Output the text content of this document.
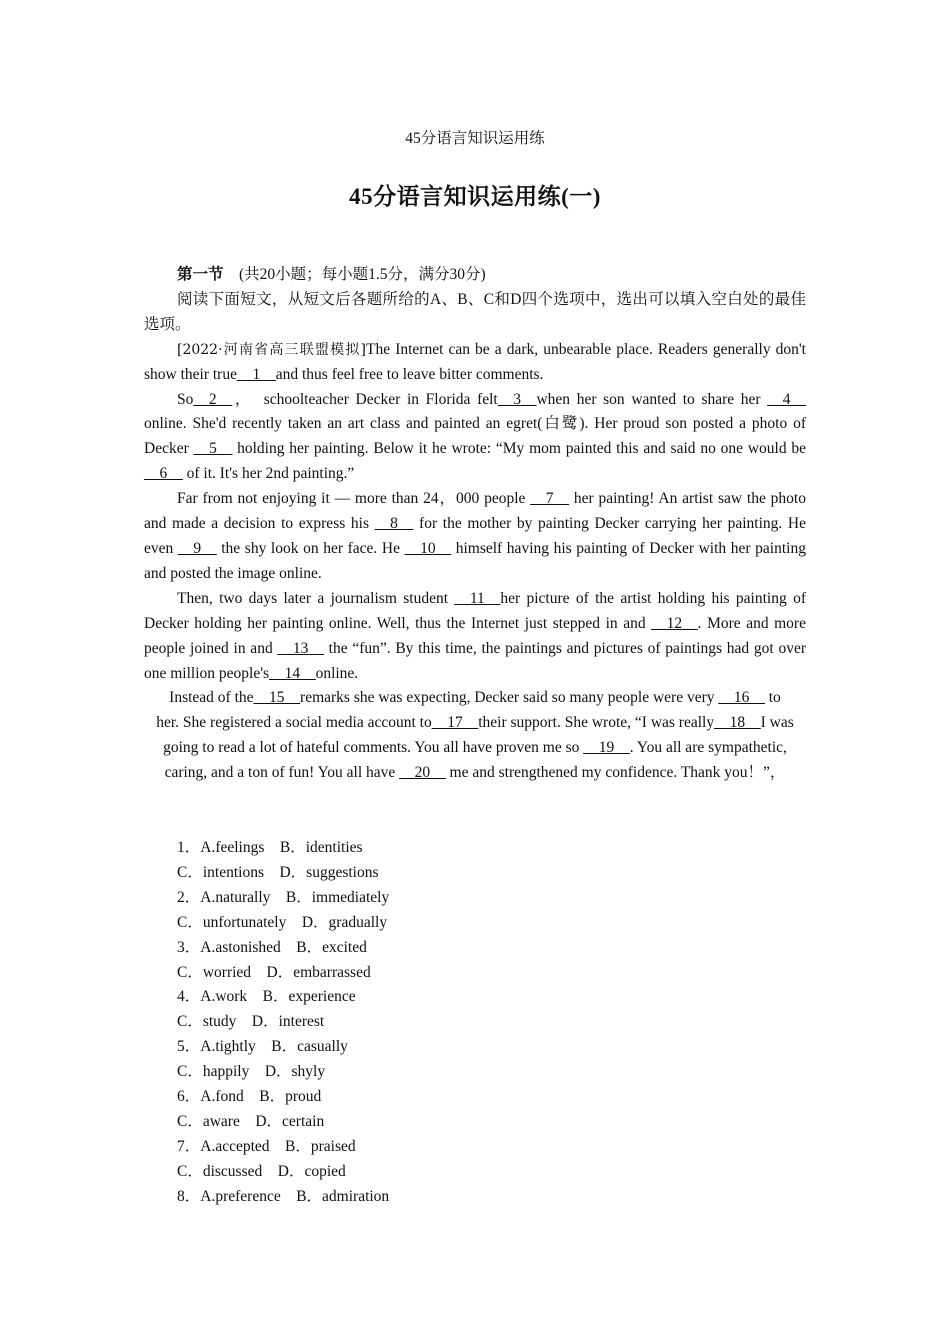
45分语言知识运用练
45分语言知识运用练(一)

第一节　(共20小题；每小题1.5分，满分30分)

阅读下面短文，从短文后各题所给的A、B、C和D四个选项中，选出可以填入空白处的最佳选项。

[2022·河南省高三联盟模拟]The Internet can be a dark, unbearable place. Readers generally don't show their true__1__and thus feel free to leave bitter comments.

So__2__，　schoolteacher Decker in Florida felt__3__when her son wanted to share her __4__ online. She'd recently taken an art class and painted an egret(白鹭). Her proud son posted a photo of Decker __5__ holding her painting. Below it he wrote: “My mom painted this and said no one would be __6__ of it. It's her 2nd painting.”

Far from not enjoying it — more than 24，000 people __7__ her painting! An artist saw the photo and made a decision to express his __8__ for the mother by painting Decker carrying her painting. He even __9__ the shy look on her face. He __10__ himself having his painting of Decker with her painting and posted the image online.

Then, two days later a journalism student __11__her picture of the artist holding his painting of Decker holding her painting online. Well, thus the Internet just stepped in and __12__. More and more people joined in and __13__ the “fun”. By this time, the paintings and pictures of paintings had got over one million people's__14__online.

Instead of the__15__remarks she was expecting, Decker said so many people were very __16__ to her. She registered a social media account to__17__their support. She wrote, “I was really__18__I was going to read a lot of hateful comments. You all have proven me so __19__. You all are sympathetic, caring, and a ton of fun! You all have __20__ me and strengthened my confidence. Thank you！”，

1．A.feelings　B．identities
C．intentions　D．suggestions
2．A.naturally　B．immediately
C．unfortunately　D．gradually
3．A.astonished　B．excited
C．worried　D．embarrassed
4．A.work　B．experience
C．study　D．interest
5．A.tightly　B．casually
C．happily　D．shyly
6．A.fond　B．proud
C．aware　D．certain
7．A.accepted　B．praised
C．discussed　D．copied
8．A.preference　B．admiration
